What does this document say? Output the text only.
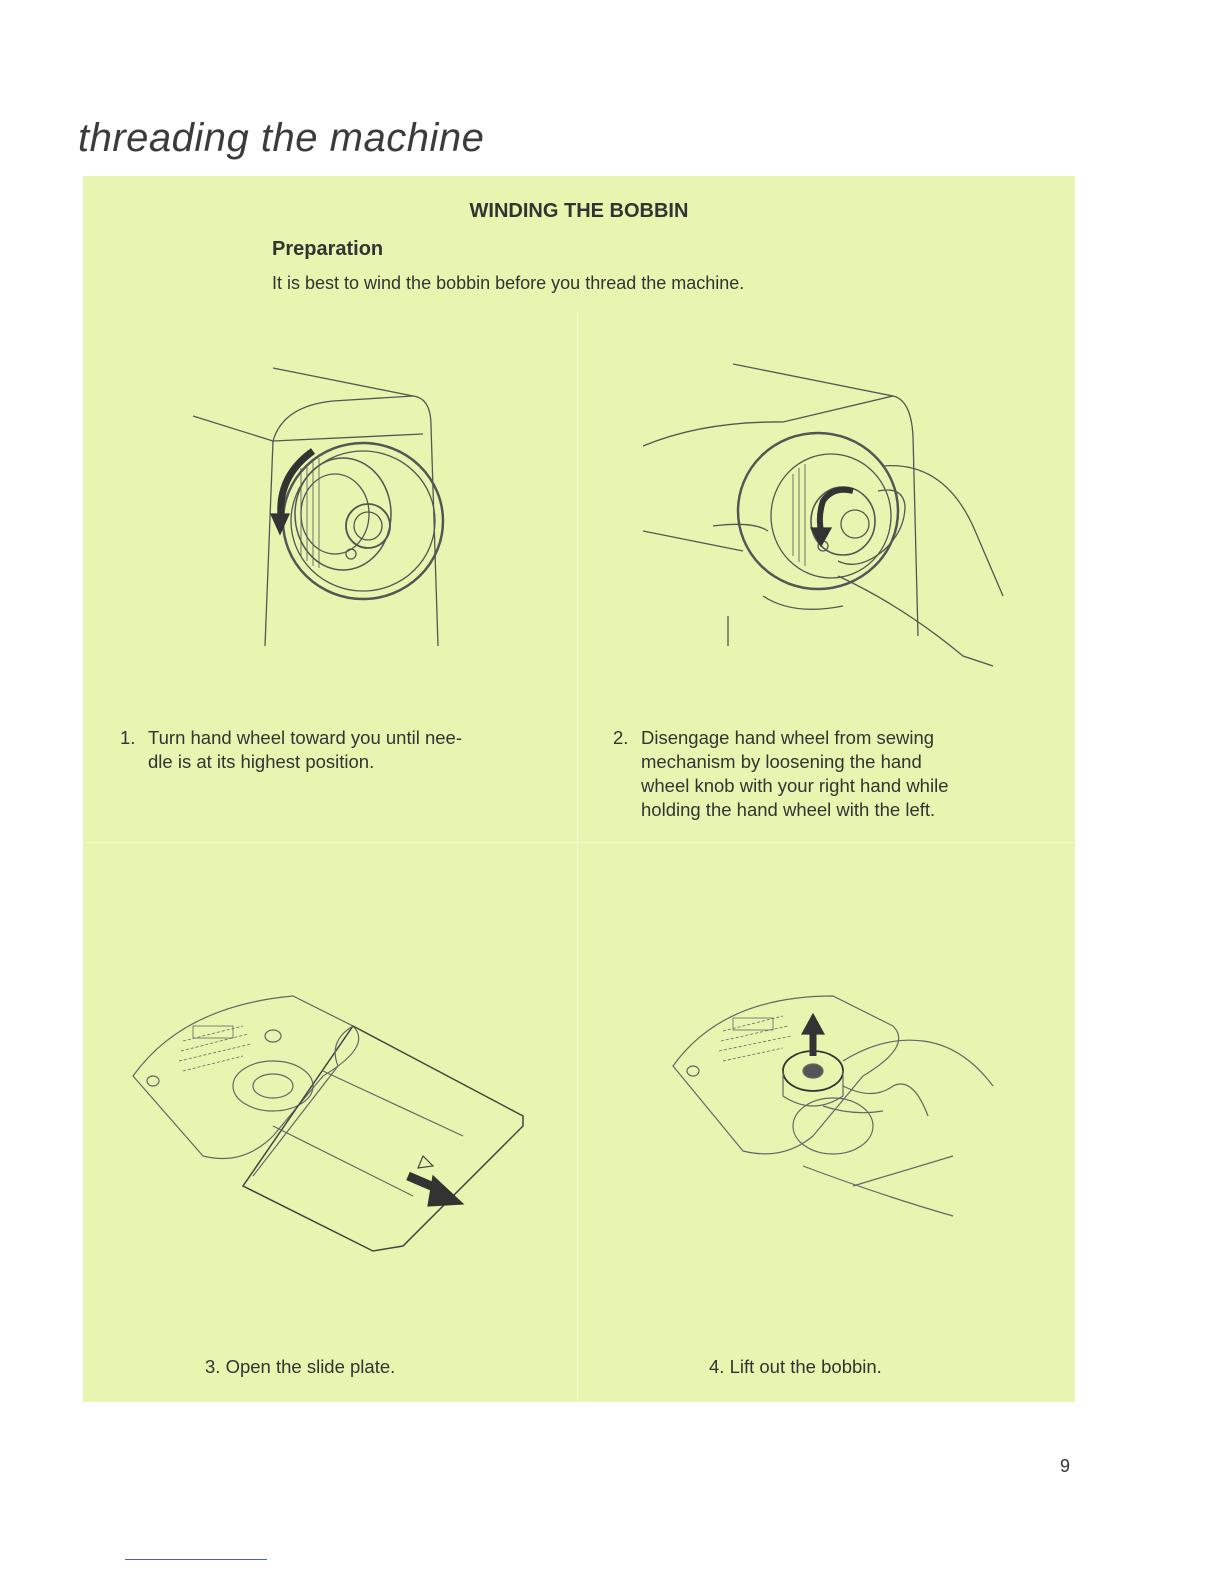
threading the machine
WINDING THE BOBBIN
Preparation
It is best to wind the bobbin before you thread the machine.
1. Turn hand wheel toward you until nee-
dle is at its highest position.
2. Disengage hand wheel from sewing
mechanism by loosening the hand
wheel knob with your right hand while
holding the hand wheel with the left.
3. Open the slide plate.	4. Lift out the bobbin.
9
